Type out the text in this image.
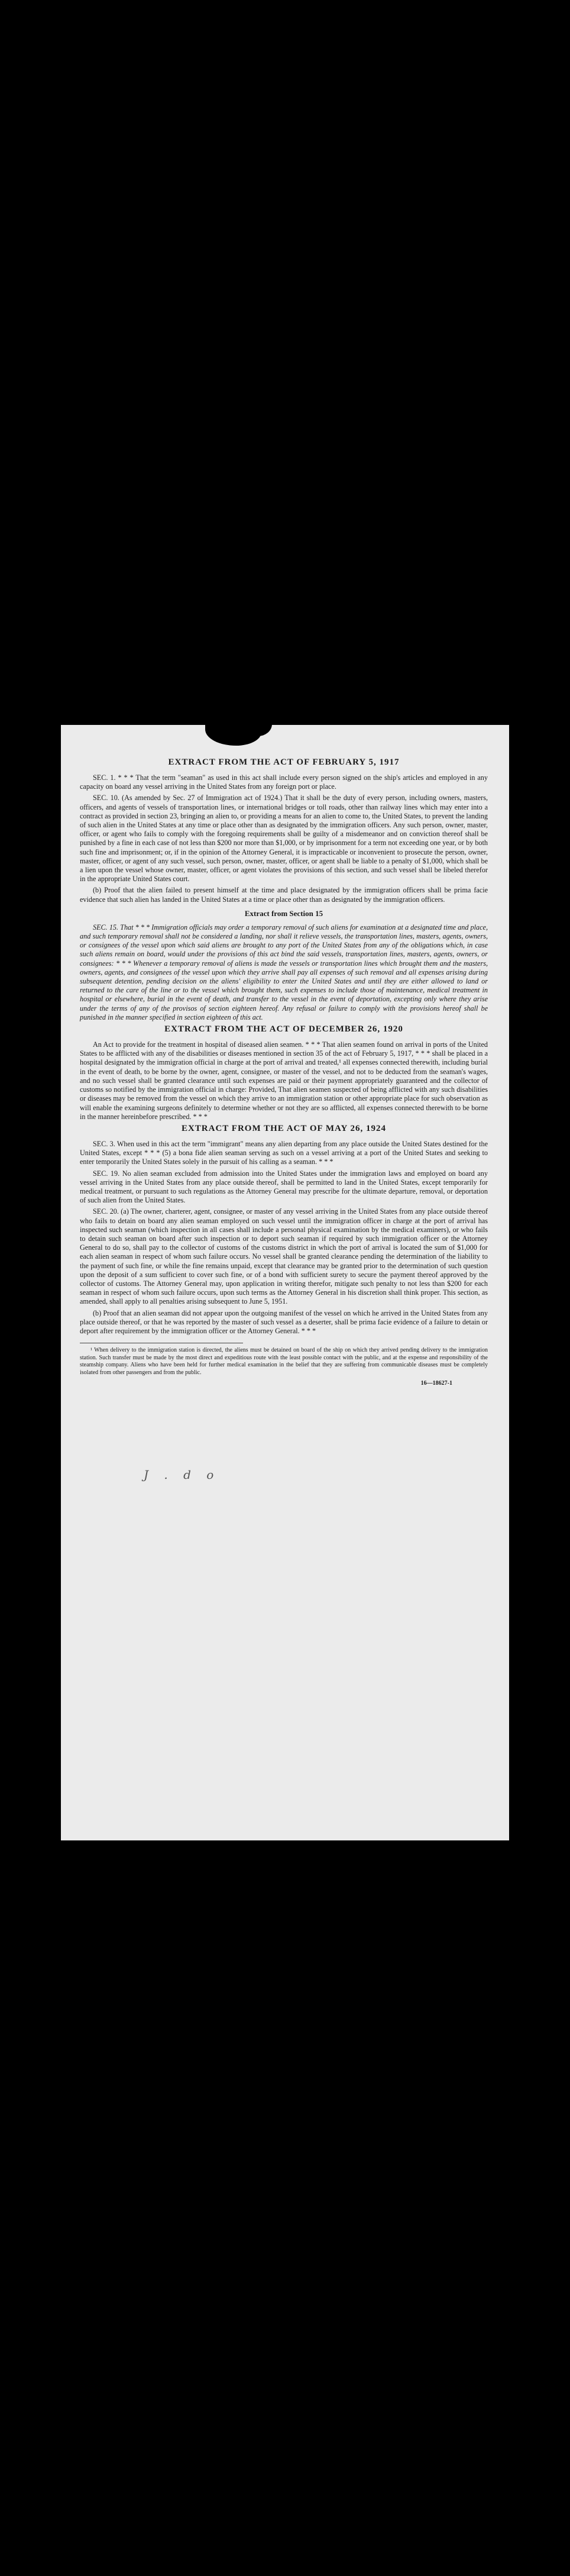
J . d o
EXTRACT FROM THE ACT OF FEBRUARY 5, 1917

SEC. 1. * * * That the term "seaman" as used in this act shall include every person signed on the ship's articles and employed in any capacity on board any vessel arriving in the United States from any foreign port or place.

SEC. 10. (As amended by Sec. 27 of Immigration act of 1924.) That it shall be the duty of every person, including owners, masters, officers, and agents of vessels of transportation lines, or international bridges or toll roads, other than railway lines which may enter into a contract as provided in section 23, bringing an alien to, or providing a means for an alien to come to, the United States, to prevent the landing of such alien in the United States at any time or place other than as designated by the immigration officers. Any such person, owner, master, officer, or agent who fails to comply with the foregoing requirements shall be guilty of a misdemeanor and on conviction thereof shall be punished by a fine in each case of not less than $200 nor more than $1,000, or by imprisonment for a term not exceeding one year, or by both such fine and imprisonment; or, if in the opinion of the Attorney General, it is impracticable or inconvenient to prosecute the person, owner, master, officer, or agent of any such vessel, such person, owner, master, officer, or agent shall be liable to a penalty of $1,000, which shall be a lien upon the vessel whose owner, master, officer, or agent violates the provisions of this section, and such vessel shall be libeled therefor in the appropriate United States court.

(b) Proof that the alien failed to present himself at the time and place designated by the immigration officers shall be prima facie evidence that such alien has landed in the United States at a time or place other than as designated by the immigration officers.

Extract from Section 15

SEC. 15. That * * * Immigration officials may order a temporary removal of such aliens for examination at a designated time and place, and such temporary removal shall not be considered a landing, nor shall it relieve vessels, the transportation lines, masters, agents, owners, or consignees of the vessel upon which said aliens are brought to any port of the United States from any of the obligations which, in case such aliens remain on board, would under the provisions of this act bind the said vessels, transportation lines, masters, agents, owners, or consignees: * * * Whenever a temporary removal of aliens is made the vessels or transportation lines which brought them and the masters, owners, agents, and consignees of the vessel upon which they arrive shall pay all expenses of such removal and all expenses arising during subsequent detention, pending decision on the aliens' eligibility to enter the United States and until they are either allowed to land or returned to the care of the line or to the vessel which brought them, such expenses to include those of maintenance, medical treatment in hospital or elsewhere, burial in the event of death, and transfer to the vessel in the event of deportation, excepting only where they arise under the terms of any of the provisos of section eighteen hereof. Any refusal or failure to comply with the provisions hereof shall be punished in the manner specified in section eighteen of this act.

EXTRACT FROM THE ACT OF DECEMBER 26, 1920

An Act to provide for the treatment in hospital of diseased alien seamen. * * * That alien seamen found on arrival in ports of the United States to be afflicted with any of the disabilities or diseases mentioned in section 35 of the act of February 5, 1917, * * * shall be placed in a hospital designated by the immigration official in charge at the port of arrival and treated,¹ all expenses connected therewith, including burial in the event of death, to be borne by the owner, agent, consignee, or master of the vessel, and not to be deducted from the seaman's wages, and no such vessel shall be granted clearance until such expenses are paid or their payment appropriately guaranteed and the collector of customs so notified by the immigration official in charge: Provided, That alien seamen suspected of being afflicted with any such disabilities or diseases may be removed from the vessel on which they arrive to an immigration station or other appropriate place for such observation as will enable the examining surgeons definitely to determine whether or not they are so afflicted, all expenses connected therewith to be borne in the manner hereinbefore prescribed. * * *

EXTRACT FROM THE ACT OF MAY 26, 1924

SEC. 3. When used in this act the term "immigrant" means any alien departing from any place outside the United States destined for the United States, except * * * (5) a bona fide alien seaman serving as such on a vessel arriving at a port of the United States and seeking to enter temporarily the United States solely in the pursuit of his calling as a seaman. * * *

SEC. 19. No alien seaman excluded from admission into the United States under the immigration laws and employed on board any vessel arriving in the United States from any place outside thereof, shall be permitted to land in the United States, except temporarily for medical treatment, or pursuant to such regulations as the Attorney General may prescribe for the ultimate departure, removal, or deportation of such alien from the United States.

SEC. 20. (a) The owner, charterer, agent, consignee, or master of any vessel arriving in the United States from any place outside thereof who fails to detain on board any alien seaman employed on such vessel until the immigration officer in charge at the port of arrival has inspected such seaman (which inspection in all cases shall include a personal physical examination by the medical examiners), or who fails to detain such seaman on board after such inspection or to deport such seaman if required by such immigration officer or the Attorney General to do so, shall pay to the collector of customs of the customs district in which the port of arrival is located the sum of $1,000 for each alien seaman in respect of whom such failure occurs. No vessel shall be granted clearance pending the determination of the liability to the payment of such fine, or while the fine remains unpaid, except that clearance may be granted prior to the determination of such question upon the deposit of a sum sufficient to cover such fine, or of a bond with sufficient surety to secure the payment thereof approved by the collector of customs. The Attorney General may, upon application in writing therefor, mitigate such penalty to not less than $200 for each seaman in respect of whom such failure occurs, upon such terms as the Attorney General in his discretion shall think proper. This section, as amended, shall apply to all penalties arising subsequent to June 5, 1951.

(b) Proof that an alien seaman did not appear upon the outgoing manifest of the vessel on which he arrived in the United States from any place outside thereof, or that he was reported by the master of such vessel as a deserter, shall be prima facie evidence of a failure to detain or deport after requirement by the immigration officer or the Attorney General. * * *

¹ When delivery to the immigration station is directed, the aliens must be detained on board of the ship on which they arrived pending delivery to the immigration station. Such transfer must be made by the most direct and expeditious route with the least possible contact with the public, and at the expense and responsibility of the steamship company. Aliens who have been held for further medical examination in the belief that they are suffering from communicable diseases must be completely isolated from other passengers and from the public.

16—18627-1
